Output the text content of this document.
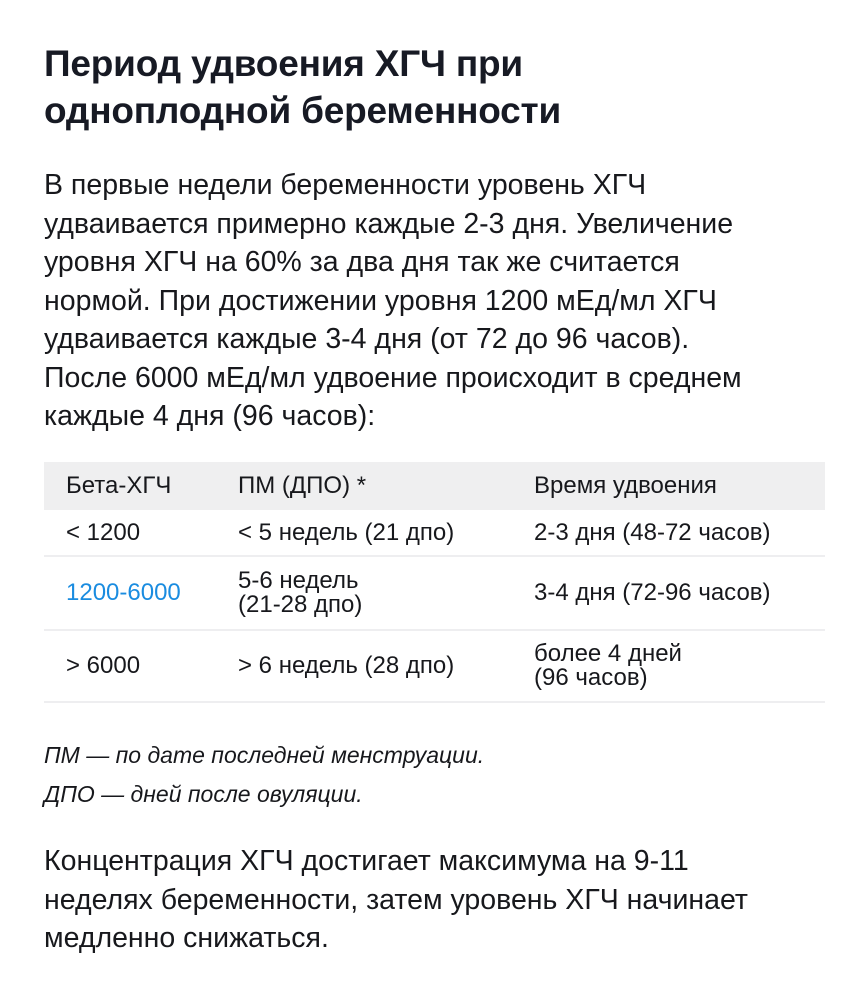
Период удвоения ХГЧ при
одноплодной беременности

В первые недели беременности уровень ХГЧ
удваивается примерно каждые 2-3 дня. Увеличение
уровня ХГЧ на 60% за два дня так же считается
нормой. При достижении уровня 1200 мЕд/мл ХГЧ
удваивается каждые 3-4 дня (от 72 до 96 часов).
После 6000 мЕд/мл удвоение происходит в среднем
каждые 4 дня (96 часов):

Бета-ХГЧ	ПМ (ДПО) *	Время удвоения
< 1200	< 5 недель (21 дпо)	2-3 дня (48-72 часов)

1200-6000	5-6 недель
(21-28 дпо)	3-4 дня (72-96 часов)

> 6000	> 6 недель (28 дпо)	более 4 дней
(96 часов)

ПМ — по дате последней менструации.

ДПО — дней после овуляции.

Концентрация ХГЧ достигает максимума на 9-11
неделях беременности, затем уровень ХГЧ начинает
медленно снижаться.
